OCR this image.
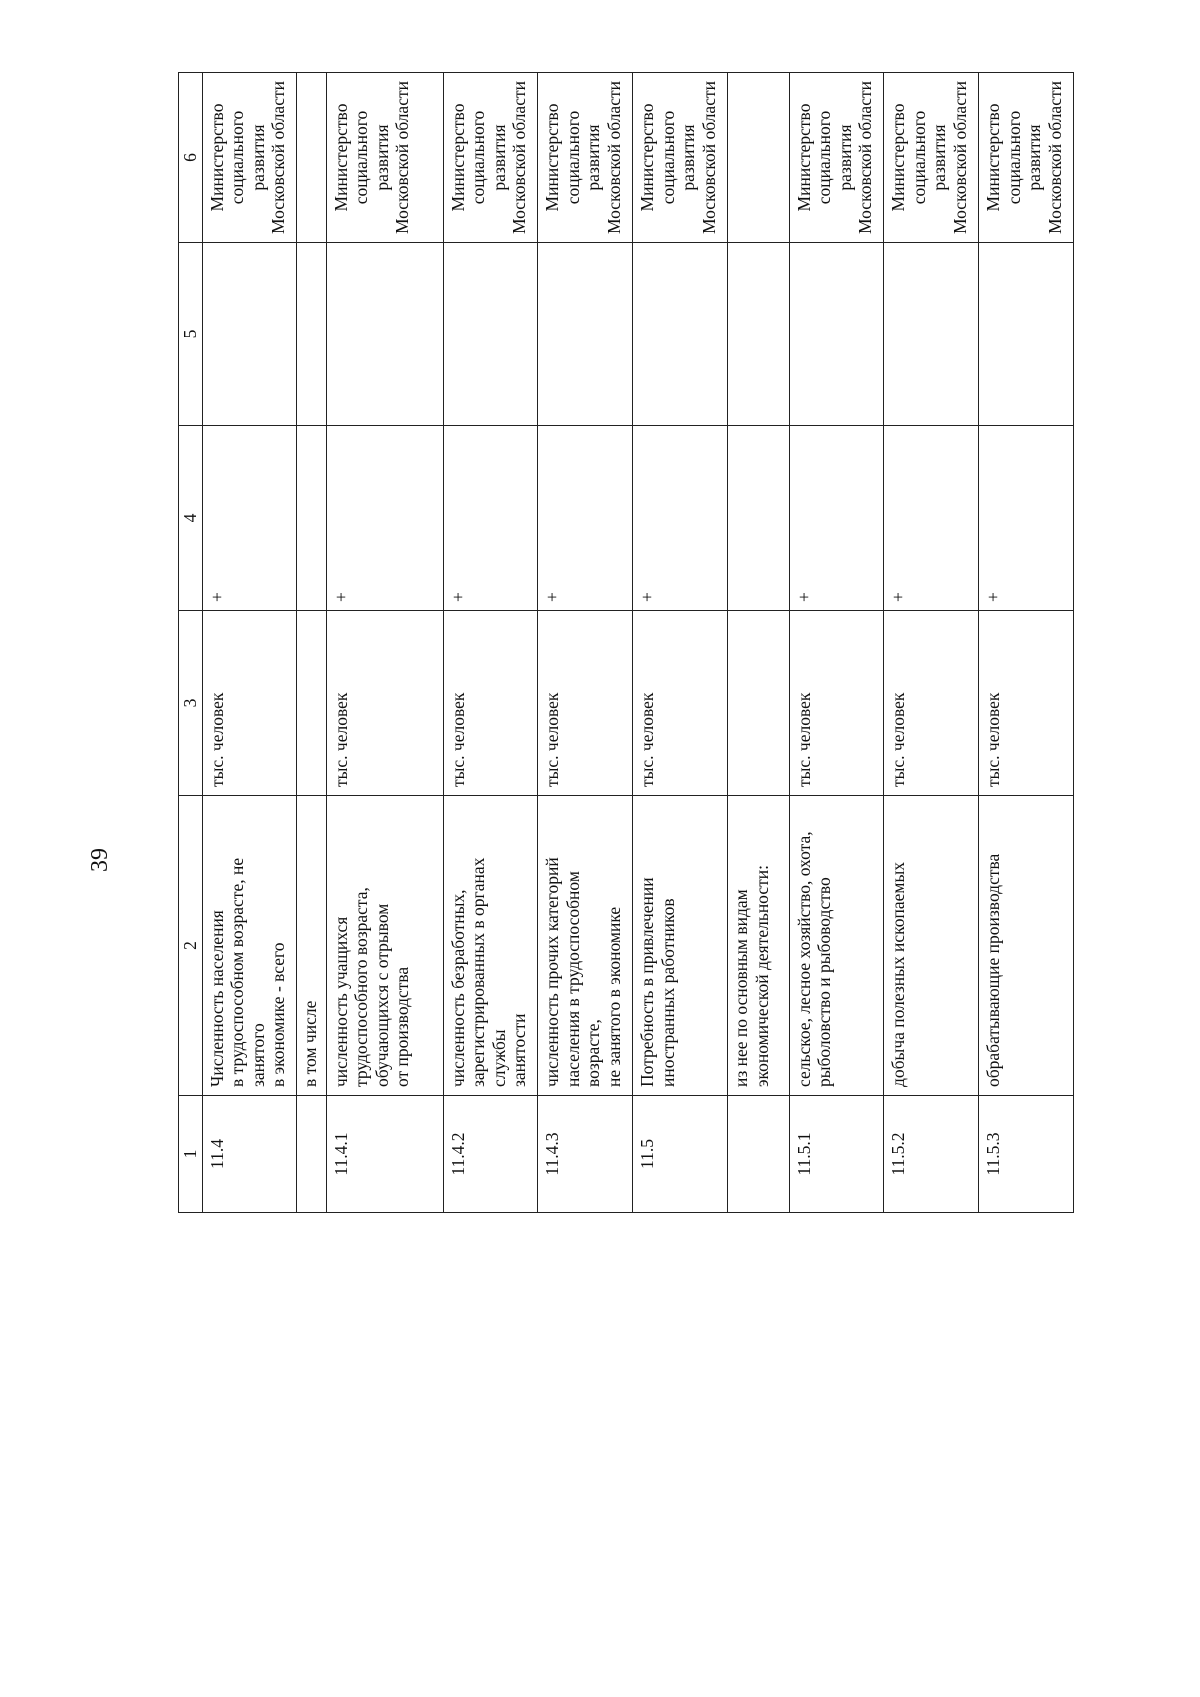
39
1	2	3	4	5	6
11.4	Численность населения
в трудоспособном возрасте, не занятого
в экономике - всего	тыс. человек	+		Министерство социального
развития
Московской области
	в том числе				
11.4.1	численность учащихся
трудоспособного возраста,
обучающихся с отрывом
от производства	тыс. человек	+		Министерство социального
развития
Московской области
11.4.2	численность безработных,
зарегистрированных в органах службы
занятости	тыс. человек	+		Министерство социального
развития
Московской области
11.4.3	численность прочих категорий
населения в трудоспособном возрасте,
не занятого в экономике	тыс. человек	+		Министерство социального
развития
Московской области
11.5	Потребность в привлечении
иностранных работников	тыс. человек	+		Министерство социального
развития
Московской области
	из нее по основным видам
экономической деятельности:				
11.5.1	сельское, лесное хозяйство, охота,
рыболовство и рыбоводство	тыс. человек	+		Министерство социального
развития
Московской области
11.5.2	добыча полезных ископаемых	тыс. человек	+		Министерство социального
развития
Московской области
11.5.3	обрабатывающие производства	тыс. человек	+		Министерство социального
развития
Московской области
